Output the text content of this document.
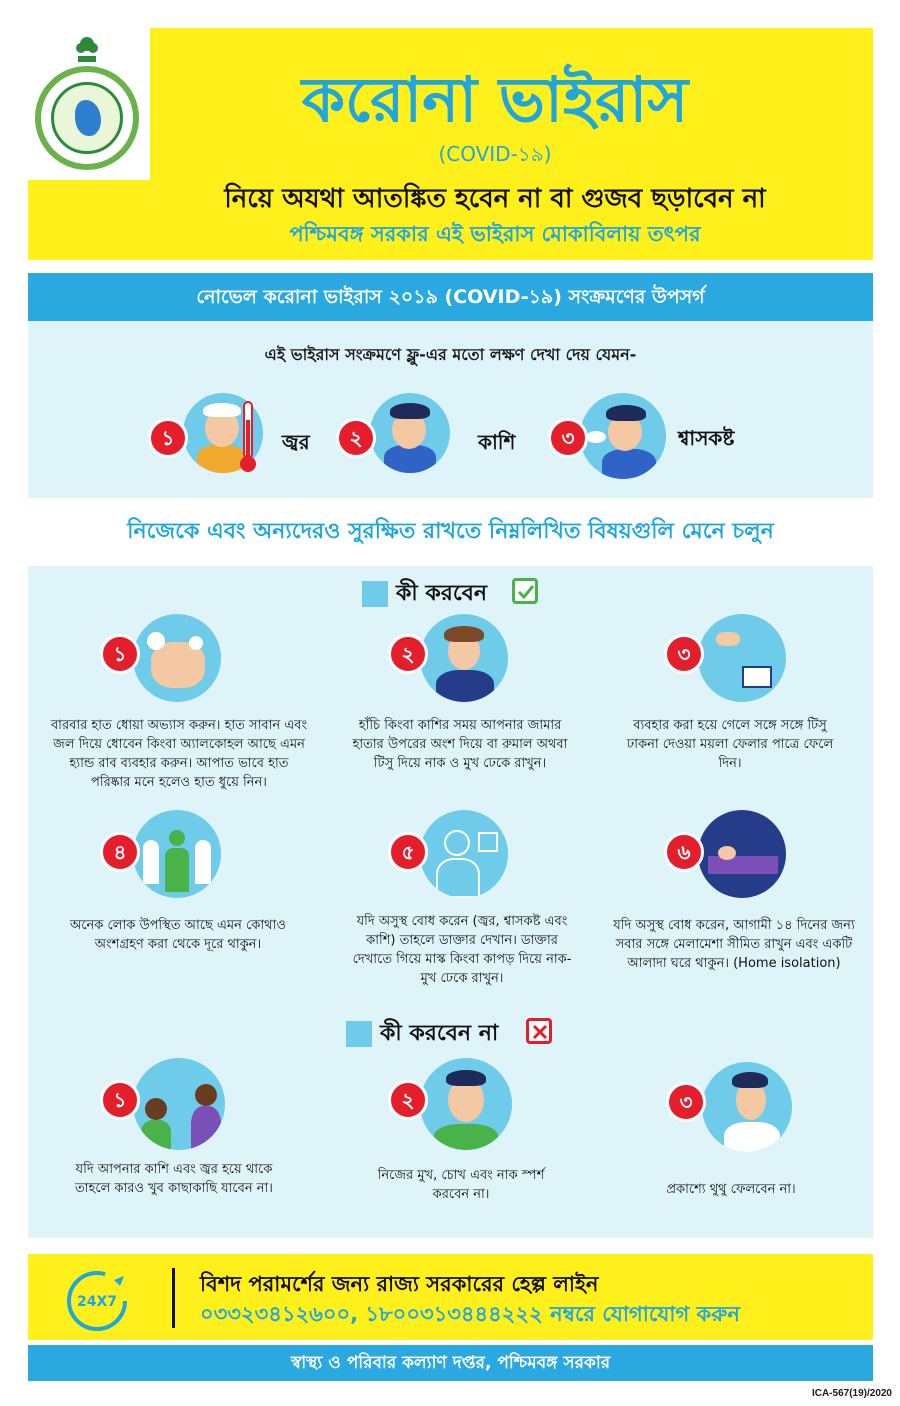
করোনা ভাইরাস
(COVID-১৯)
নিয়ে অযথা আতঙ্কিত হবেন না বা গুজব ছড়াবেন না
পশ্চিমবঙ্গ সরকার এই ভাইরাস মোকাবিলায় তৎপর
নোভেল করোনা ভাইরাস ২০১৯ (COVID-১৯) সংক্রমণের উপসর্গ
এই ভাইরাস সংক্রমণে ফ্লু-এর মতো লক্ষণ দেখা দেয় যেমন-
১	জ্বর	২	কাশি	৩	শ্বাসকষ্ট
নিজেকে এবং অন্যদেরও সুরক্ষিত রাখতে নিম্নলিখিত বিষয়গুলি মেনে চলুন
কী করবেন
১
বারবার হাত ধোয়া অভ্যাস করুন। হাত সাবান এবং জল দিয়ে ধোবেন কিংবা অ্যালকোহল আছে এমন হ্যান্ড রাব ব্যবহার করুন। আপাত ভাবে হাত পরিষ্কার মনে হলেও হাত ধুয়ে নিন।
২
হাঁচি কিংবা কাশির সময় আপনার জামার হাতার উপরের অংশ দিয়ে বা রুমাল অথবা টিসু দিয়ে নাক ও মুখ ঢেকে রাখুন।
৩
ব্যবহার করা হয়ে গেলে সঙ্গে সঙ্গে টিসু ঢাকনা দেওয়া ময়লা ফেলার পাত্রে ফেলে দিন।
৪
অনেক লোক উপস্থিত আছে এমন কোথাও অংশগ্রহণ করা থেকে দূরে থাকুন।
৫
যদি অসুস্থ বোধ করেন (জ্বর, শ্বাসকষ্ট এবং কাশি) তাহলে ডাক্তার দেখান। ডাক্তার দেখাতে গিয়ে মাস্ক কিংবা কাপড় দিয়ে নাক-মুখ ঢেকে রাখুন।
৬
যদি অসুস্থ বোধ করেন, আগামী ১৪ দিনের জন্য সবার সঙ্গে মেলামেশা সীমিত রাখুন এবং একটি আলাদা ঘরে থাকুন। (Home isolation)
কী করবেন না
১
যদি আপনার কাশি এবং জ্বর হয়ে থাকে তাহলে কারও খুব কাছাকাছি যাবেন না।
২
নিজের মুখ, চোখ এবং নাক স্পর্শ করবেন না।
৩
প্রকাশ্যে থুথু ফেলবেন না।
24X7
বিশদ পরামর্শের জন্য রাজ্য সরকারের হেল্প লাইন
০৩৩২৩৪১২৬০০, ১৮০০৩১৩৪৪৪২২২ নম্বরে যোগাযোগ করুন
স্বাস্থ্য ও পরিবার কল্যাণ দপ্তর, পশ্চিমবঙ্গ সরকার
ICA-567(19)/2020
